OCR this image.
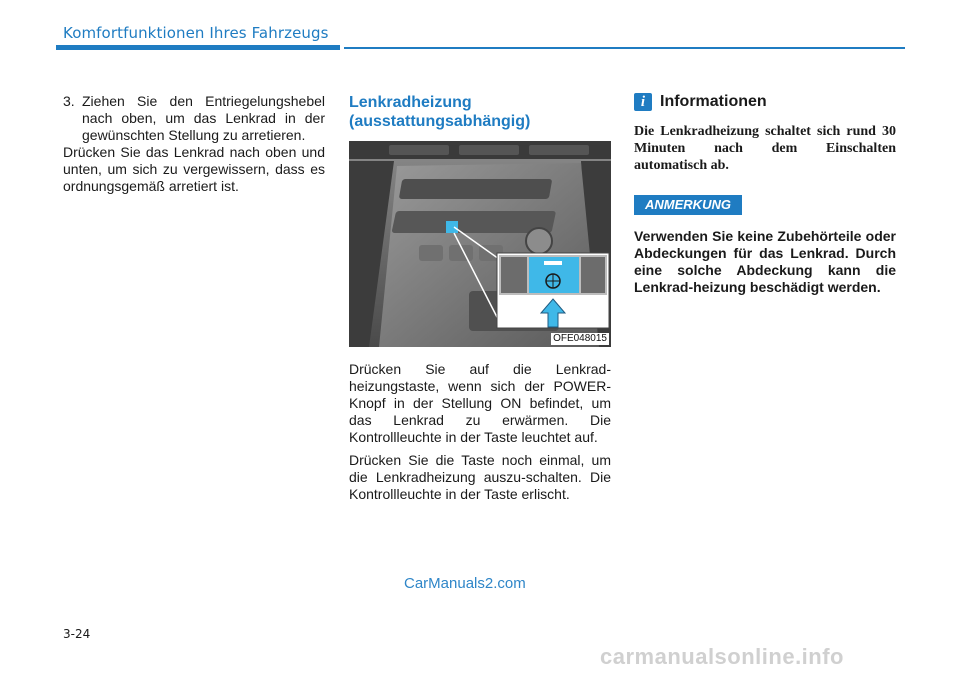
Komfortfunktionen Ihres Fahrzeugs
3. Ziehen Sie den Entriegelungshebel nach oben, um das Lenkrad in der gewünschten Stellung zu arretieren.

Drücken Sie das Lenkrad nach oben und unten, um sich zu vergewissern, dass es ordnungsgemäß arretiert ist.

Lenkradheizung (ausstattungsabhängig)
OFE048015

Drücken Sie auf die Lenkrad-heizungstaste, wenn sich der POWER-Knopf in der Stellung ON befindet, um das Lenkrad zu erwärmen. Die Kontrollleuchte in der Taste leuchtet auf.

Drücken Sie die Taste noch einmal, um die Lenkradheizung auszu-schalten. Die Kontrollleuchte in der Taste erlischt.

i Informationen

Die Lenkradheizung schaltet sich rund 30 Minuten nach dem Einschalten automatisch ab.

ANMERKUNG

Verwenden Sie keine Zubehörteile oder Abdeckungen für das Lenkrad. Durch eine solche Abdeckung kann die Lenkrad-heizung beschädigt werden.

CarManuals2.com
3-24
carmanualsonline.info
